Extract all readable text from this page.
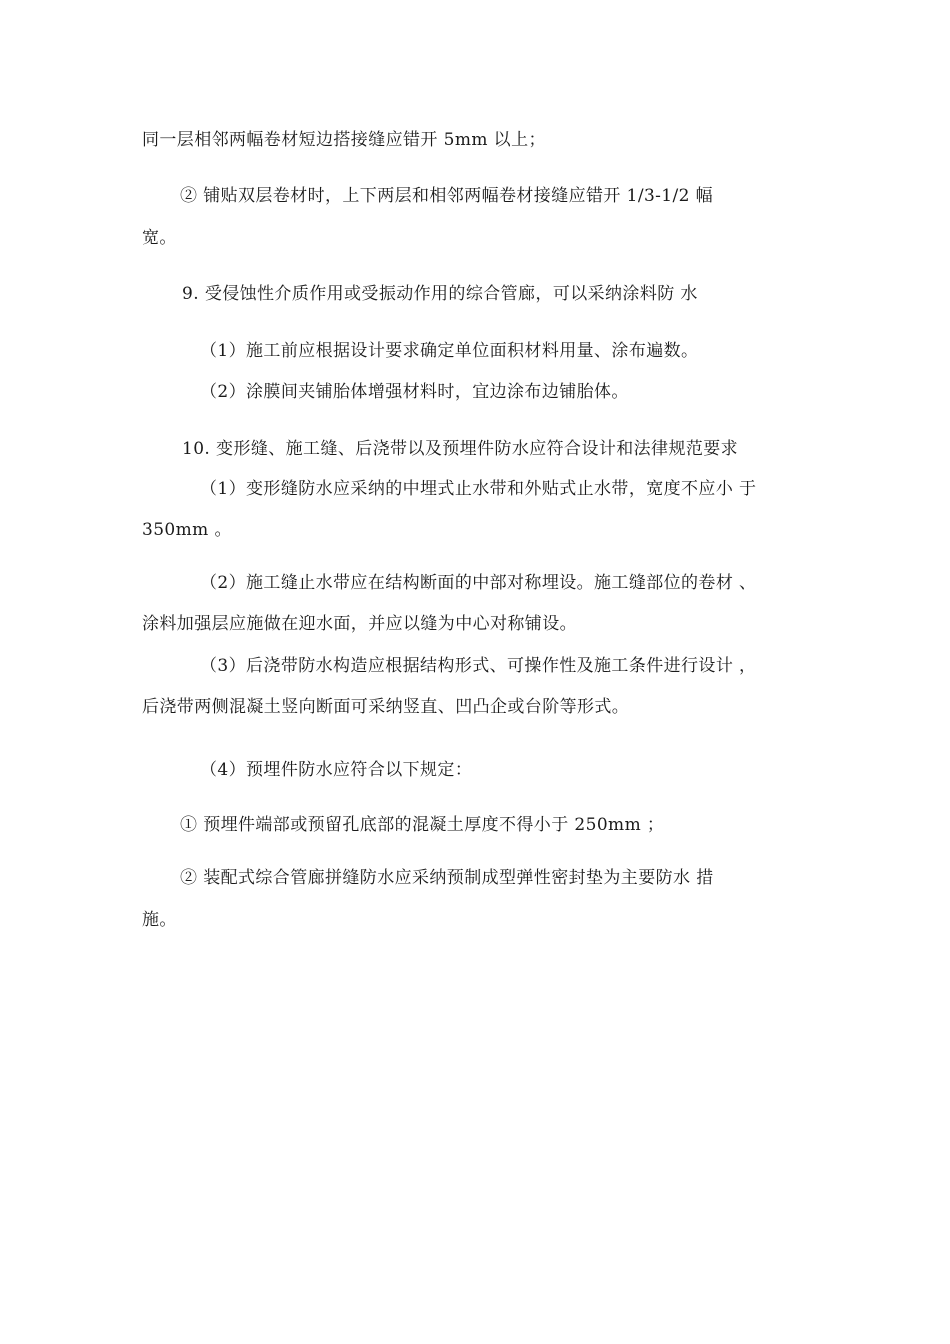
同一层相邻两幅卷材短边搭接缝应错开 5mm 以上；
② 铺贴双层卷材时，上下两层和相邻两幅卷材接缝应错开 1/3-1/2 幅
宽。
9. 受侵蚀性介质作用或受振动作用的综合管廊，可以采纳涂料防 水
（1）施工前应根据设计要求确定单位面积材料用量、涂布遍数。
（2）涂膜间夹铺胎体增强材料时，宜边涂布边铺胎体。
10. 变形缝、施工缝、后浇带以及预埋件防水应符合设计和法律规范要求
（1）变形缝防水应采纳的中埋式止水带和外贴式止水带，宽度不应小 于
350mm 。
（2）施工缝止水带应在结构断面的中部对称埋设。施工缝部位的卷材 、
涂料加强层应施做在迎水面，并应以缝为中心对称铺设。
（3）后浇带防水构造应根据结构形式、可操作性及施工条件进行设计 ，
后浇带两侧混凝土竖向断面可采纳竖直、凹凸企或台阶等形式。
（4）预埋件防水应符合以下规定：
① 预埋件端部或预留孔底部的混凝土厚度不得小于 250mm ；
② 装配式综合管廊拼缝防水应采纳预制成型弹性密封垫为主要防水 措
施。
